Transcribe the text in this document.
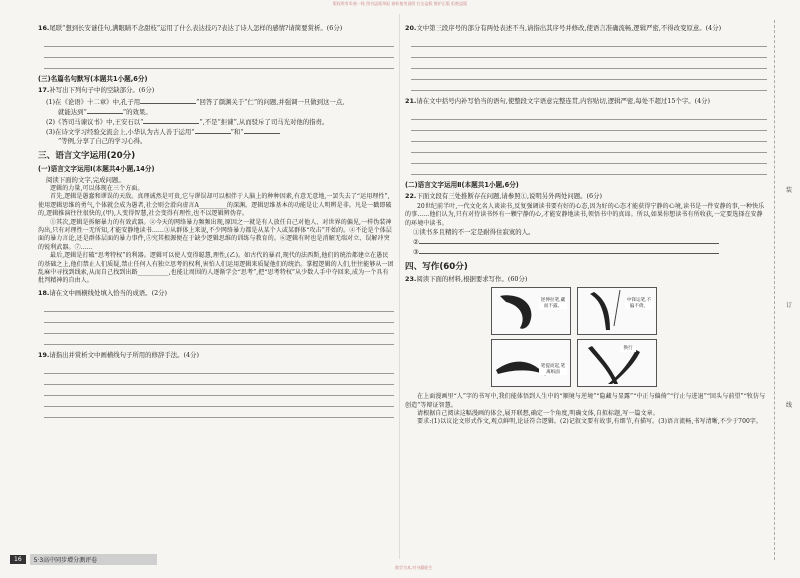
版权所有©曲一线 图书盗版举报 商标使用说明 打击盗版 维护正版 拒绝盗版
装
订
线
16.尾联“想到长安谜佳句,满眼睛不念甜枝”运用了什么表达技巧?表达了诗人怎样的感情?请简要赏析。(6分)
(三)名篇名句默写(本题共1小题,6分)
17.补写出下列句子中的空缺部分。(6分)
(1)在《论语》十二章》中,孔子用	”回答了颜渊关于“仁”的问题,并强调一旦做到这一点,
就能达到“	”的效果。
(2)《答司马谏议书》中,王安石以“	”,不是“拒谏”,从而驳斥了司马光对他的指责。
(3)在诗文学习经验交流会上,小华认为古人善于运用“	”和“
”等例,分享了自己的学习心得。
三、语言文字运用(20分)
(一)语言文字运用Ⅰ(本题共4小题,14分)
阅读下面的文字,完成问题。

逻辑的力量,可以体现在三个方面。

首先,逻辑是愚蠢和谬误的天敌。真理诚然是可贵,它与谬误却可以相伴于人脑上的种种因素,有意无意地,一罢失去了“运用理性”,使用逻辑思维的勇气,个体就会成为愚者,社会则会滑向虚言A_________的深渊。逻辑思维基本的功能是让人明辨是非。凡是一戳即破的,逻辑推演往往很快的,(甲),人变得智慧,社会变得有理性,也不以逻辑辨伪存。

①其次,逻辑是拆解暴力的有效武器。②今天的网络暴力频频出现,原因之一就是有人放任自己对他人、对世界的偏见,一样伪装神沟出,只有对理性一无所知,才能安静地读书……③从群体上来说,不少网络暴力都是从某个人或某群体“攻击”开始的。④不论是个体层面的暴力言论,还是群体层面的暴力事件,⑤究其根源便在于缺少逻辑思维的训练与教育的。⑥逻辑有时也是消解无端对立、误解冲突的锐利武器。⑦……

最后,逻辑是打破“思考特权”的利器。逻辑可以使人变得聪慧,理性,(乙)。如古代的暴君,现代的法西斯,他们的统治都建立在愚民的基础之上,他们禁止人们质疑,禁止任何人有独立思考的权利,害怕人们运用逻辑来质疑他们的统治。掌握逻辑的人们,往往能够从一团乱麻中寻找到线索,从而自己找到出路__________,也能让周围的人逐渐学会“思考”,把“思考特权”从少数人手中夺回来,成为一个具有批判精神的自由人。

18.请在文中画横线处填入恰当的成语。(2分)
19.请指出并赏析文中画横线句子所用的修辞手法。(4分)
20.文中第三段序号的部分有两处表述不当,请指出其序号并修改,使语言准确流畅,逻辑严密,不得改变原意。(4分)
21.请在文中括号内补写恰当的语句,使整段文字语意完整连贯,内容贴切,逻辑严密,每处不超过15个字。(4分)
(二)语言文字运用Ⅱ(本题共1小题,6分)
22.下面文段有三处推断存在问题,请参照①,说明另外两处问题。(6分)

20世纪前半叶,一代文化名人谈读书,反复强调读书要有好的心态,因为好的心态才能获得宁静的心境,读书是一件安静的事,一种快乐的事……他们认为,只有对待读书怀有一颗宁静的心,才能安静地读书,领悟书中的真谛。所以,如果你想读书有所收获,一定要选择在安静的环境中读书。

①读书多且精的不一定是耐得住寂寞的人。
②
③
四、写作(60分)
23.阅读下面的材料,根据要求写作。(60分)
逆伸拉笔,藏而不露。
中锋运笔,不偏不倚。
笔提而起,笔离纸面
换行

在上面漫画里“人”字的书写中,我们能体悟到人生中的“顺境与逆境”“隐藏与显露”“中正与偏倚”“行止与进退”“回头与前望”“牧仿与创造”等辩证智慧。

请根据自己阅读这幅漫画的体会,展开联想,确定一个角度,明确文体,自拟标题,写一篇文章。

要求:(1)以议论文形式作文,观点鲜明,论证符合逻辑。(2)记叙文要有故事,有细节,有描写。(3)语言流畅,书写清晰,不少于700字。

16	5·3高中同步增分测评卷
数学为本,对书籍能生
